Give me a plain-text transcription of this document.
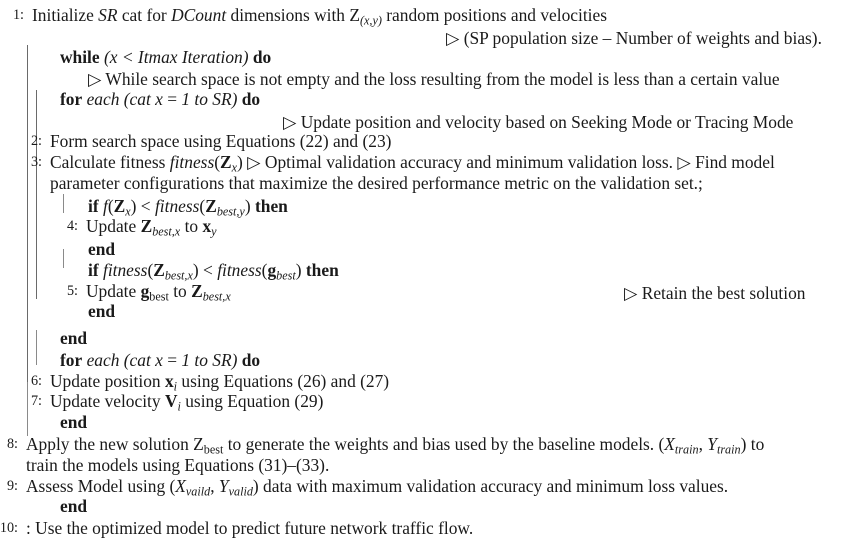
1: Initialize SR cat for DCount dimensions with $Z_{(x,y)}$ random positions and velocities
▷ (SP population size – Number of weights and bias).
while (x < Itmax Iteration) do
▷ While search space is not empty and the loss resulting from the model is less than a certain value
for each (cat x = 1 to SR) do
▷ Update position and velocity based on Seeking Mode or Tracing Mode
2: Form search space using Equations (22) and (23)
3: Calculate fitness $fitness(Z_x)$ ▷ Optimal validation accuracy and minimum validation loss. ▷ Find model
parameter configurations that maximize the desired performance metric on the validation set.;
if $f(Z_x)$ < $fitness(Z_{best,y})$ then
4: Update $Z_{best,x}$ to $x_y$
end
if $fitness(Z_{best,x})$ < $fitness(g_{best})$ then
5: Update $g_{best}$ to $Z_{best,x}$	▷ Retain the best solution
end
end
for each (cat x = 1 to SR) do
6: Update position $x_i$ using Equations (26) and (27)
7: Update velocity $V_i$ using Equation (29)
end
8: Apply the new solution $Z_{best}$ to generate the weights and bias used by the baseline models. ($X_{train}$, $Y_{train}$) to
train the models using Equations (31)–(33).
9: Assess Model using ($X_{vaild}$, $Y_{valid}$) data with maximum validation accuracy and minimum loss values.
end
10: : Use the optimized model to predict future network traffic flow.
